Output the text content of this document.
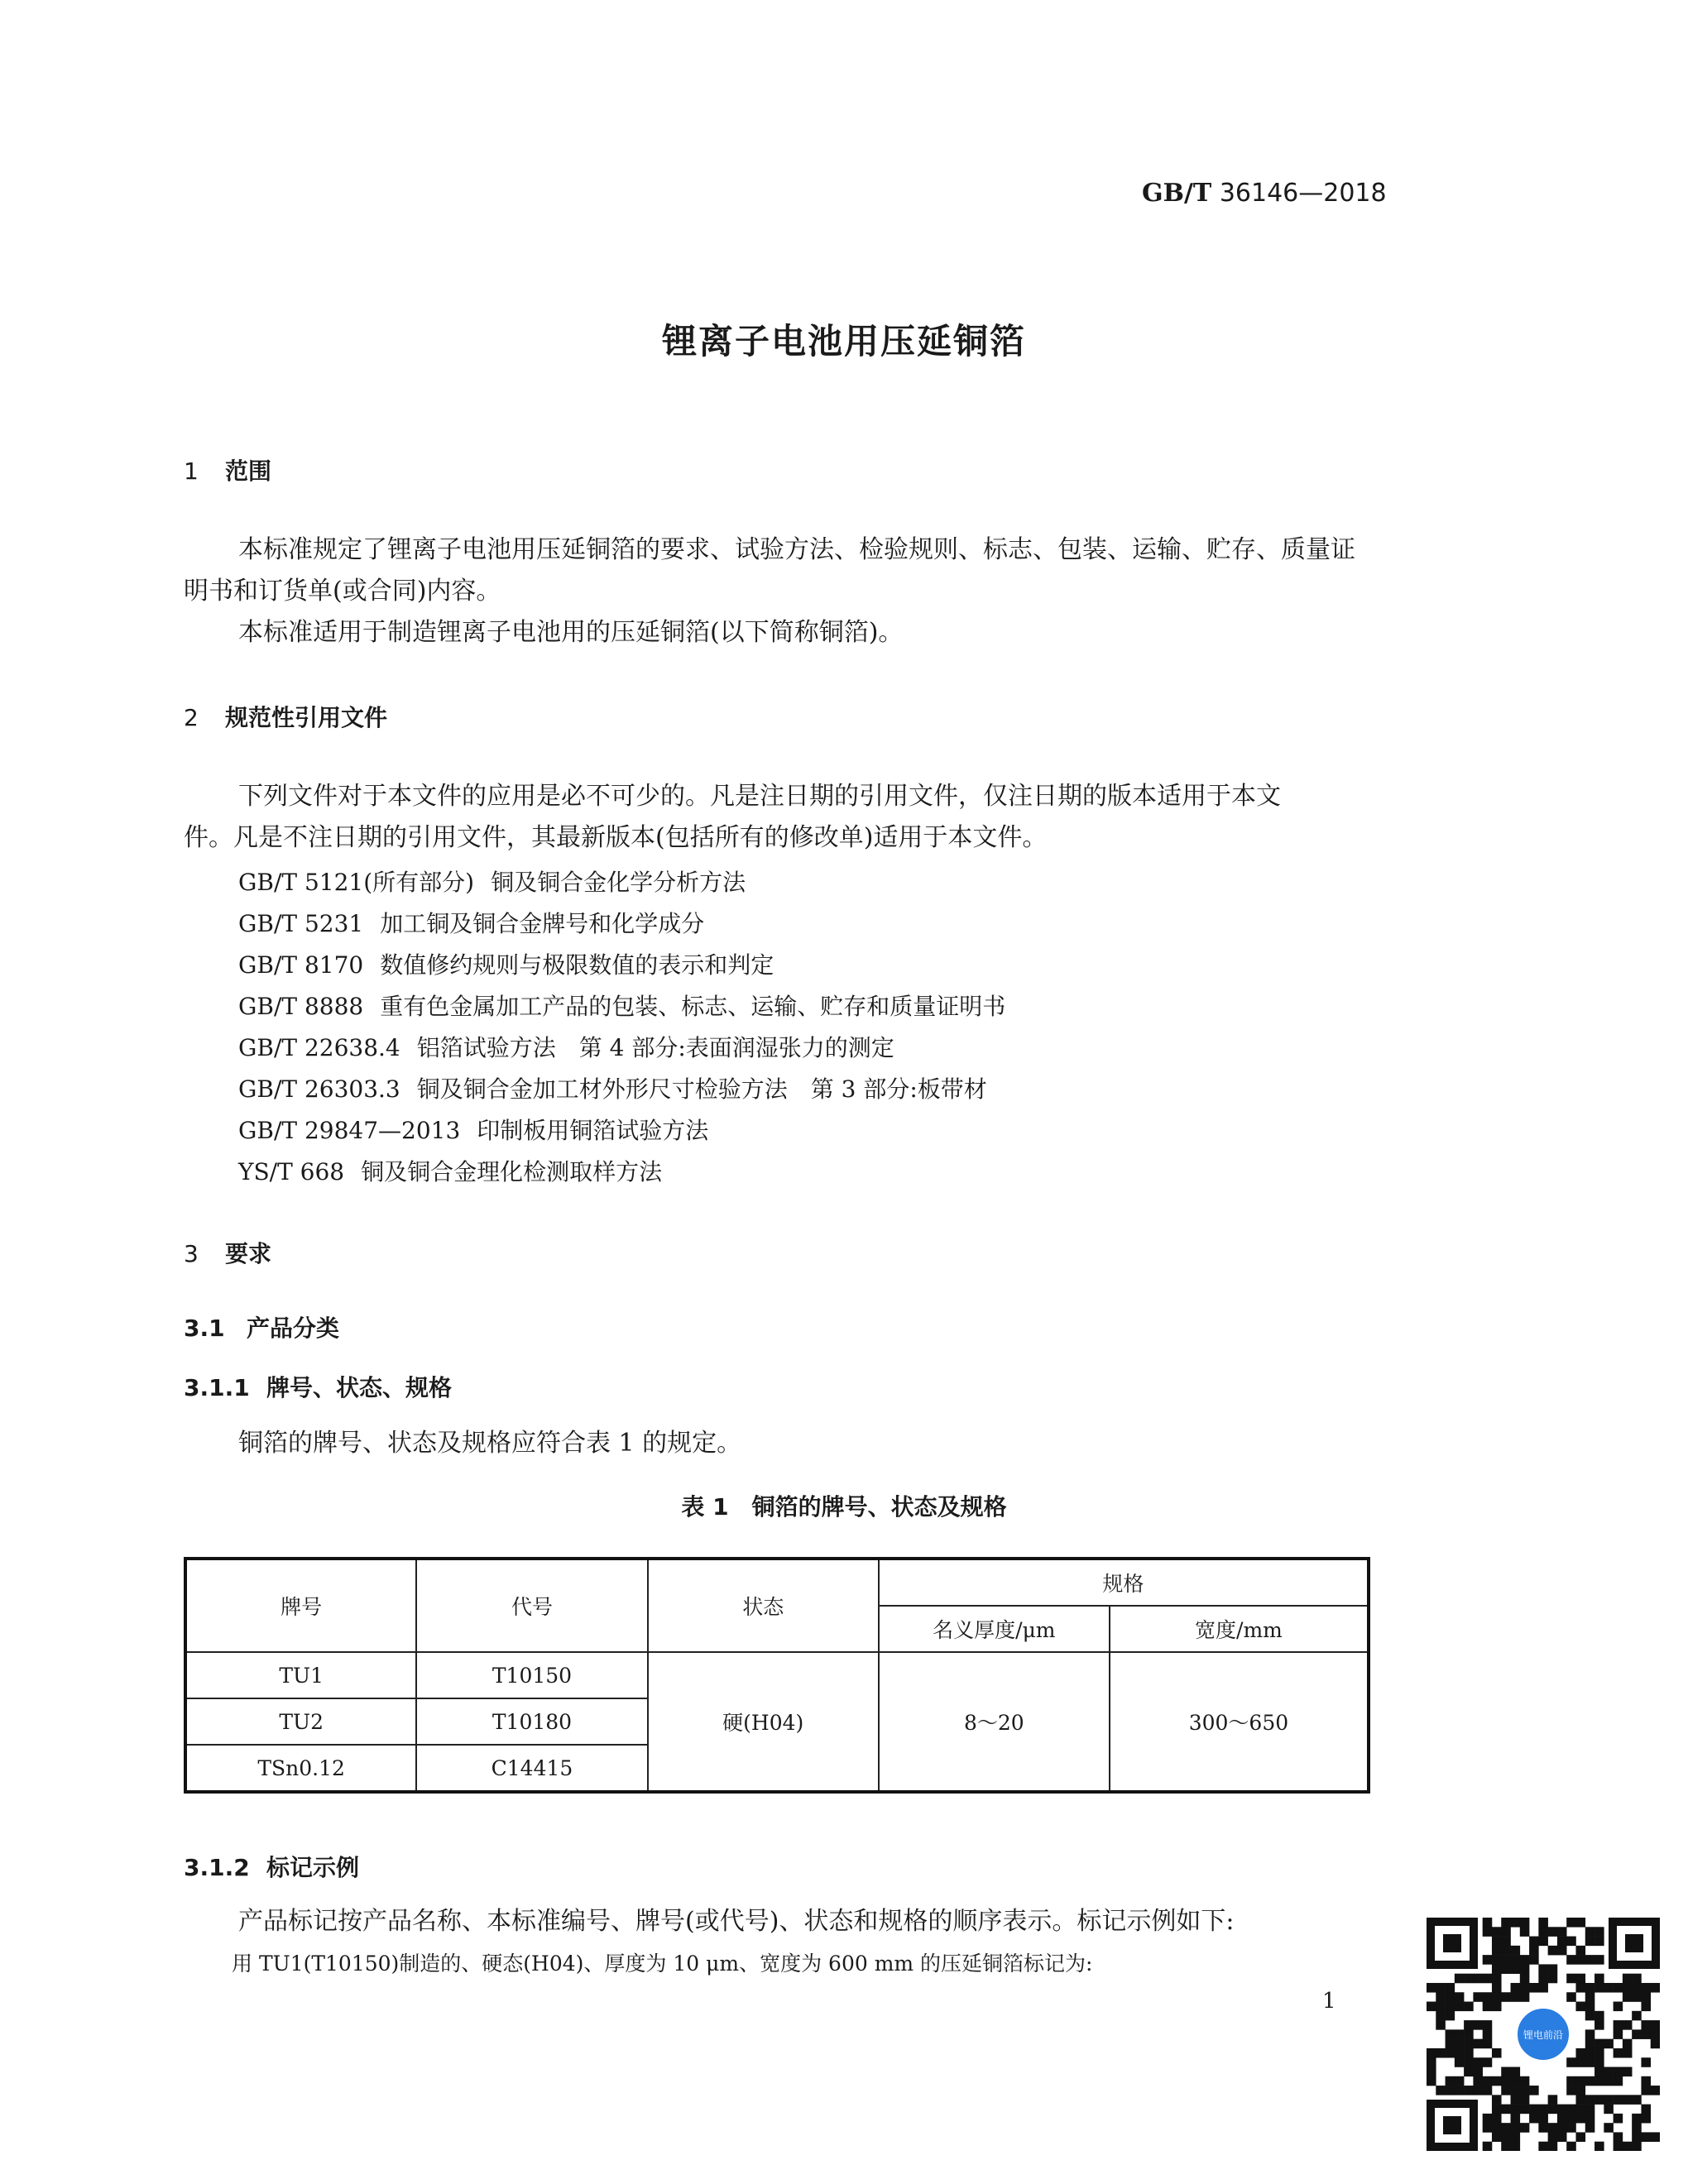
GB/T 36146—2018
锂离子电池用压延铜箔
1 范围
本标准规定了锂离子电池用压延铜箔的要求、试验方法、检验规则、标志、包装、运输、贮存、质量证
明书和订货单(或合同)内容。
本标准适用于制造锂离子电池用的压延铜箔(以下简称铜箔)。
2 规范性引用文件
下列文件对于本文件的应用是必不可少的。凡是注日期的引用文件，仅注日期的版本适用于本文
件。凡是不注日期的引用文件，其最新版本(包括所有的修改单)适用于本文件。
GB/T 5121(所有部分) 铜及铜合金化学分析方法
GB/T 5231 加工铜及铜合金牌号和化学成分
GB/T 8170 数值修约规则与极限数值的表示和判定
GB/T 8888 重有色金属加工产品的包装、标志、运输、贮存和质量证明书
GB/T 22638.4 铝箔试验方法　第 4 部分:表面润湿张力的测定
GB/T 26303.3 铜及铜合金加工材外形尺寸检验方法　第 3 部分:板带材
GB/T 29847—2013 印制板用铜箔试验方法
YS/T 668 铜及铜合金理化检测取样方法
3 要求
3.1 产品分类
3.1.1 牌号、状态、规格
铜箔的牌号、状态及规格应符合表 1 的规定。
表 1　铜箔的牌号、状态及规格
牌号	代号	状态	规格	
			名义厚度/μm	宽度/mm
TU1	T10150	硬(H04)	8～20	300～650
TU2	T10180			
TSn0.12	C14415			
3.1.2 标记示例
产品标记按产品名称、本标准编号、牌号(或代号)、状态和规格的顺序表示。标记示例如下:
用 TU1(T10150)制造的、硬态(H04)、厚度为 10 μm、宽度为 600 mm 的压延铜箔标记为:
1
锂电前沿
